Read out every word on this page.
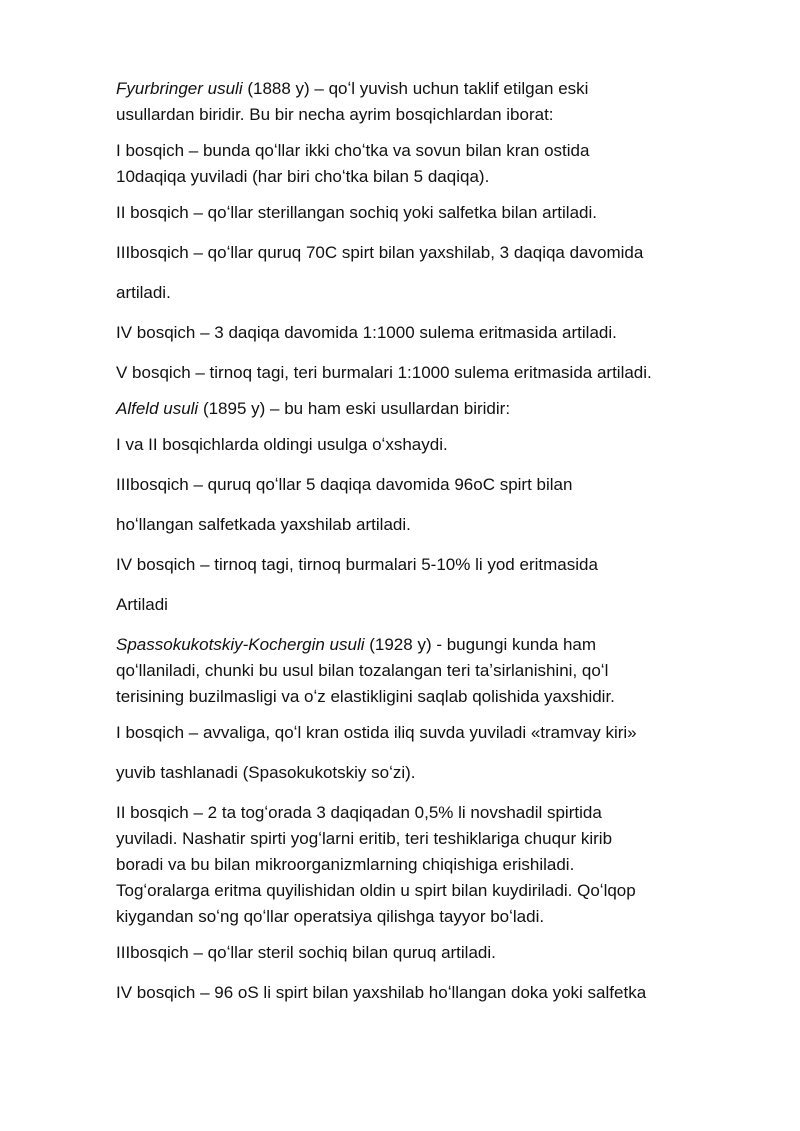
Fyurbringer usuli (1888 y) – qoʻl yuvish uchun taklif etilgan eski
usullardan biridir. Bu bir necha ayrim bosqichlardan iborat:

I bosqich – bunda qoʻllar ikki choʻtka va sovun bilan kran ostida
10daqiqa yuviladi (har biri choʻtka bilan 5 daqiqa).

II bosqich – qoʻllar sterillangan sochiq yoki salfetka bilan artiladi.

IIIbosqich – qoʻllar quruq 70C spirt bilan yaxshilab, 3 daqiqa davomida

artiladi.

IV bosqich – 3 daqiqa davomida 1:1000 sulema eritmasida artiladi.

V bosqich – tirnoq tagi, teri burmalari 1:1000 sulema eritmasida artiladi.

Alfeld usuli (1895 y) – bu ham eski usullardan biridir:

I va II bosqichlarda oldingi usulga oʻxshaydi.

IIIbosqich – quruq qoʻllar 5 daqiqa davomida 96oC spirt bilan

hoʻllangan salfetkada yaxshilab artiladi.

IV bosqich – tirnoq tagi, tirnoq burmalari 5-10% li yod eritmasida

Artiladi

Spassokukotskiy-Kochergin usuli (1928 y) - bugungi kunda ham
qoʻllaniladi, chunki bu usul bilan tozalangan teri taʼsirlanishini, qoʻl
terisining buzilmasligi va oʻz elastikligini saqlab qolishida yaxshidir.

I bosqich – avvaliga, qoʻl kran ostida iliq suvda yuviladi «tramvay kiri»

yuvib tashlanadi (Spasokukotskiy soʻzi).

II bosqich – 2 ta togʻorada 3 daqiqadan 0,5% li novshadil spirtida
yuviladi. Nashatir spirti yogʻlarni eritib, teri teshiklariga chuqur kirib
boradi va bu bilan mikroorganizmlarning chiqishiga erishiladi.
Togʻoralarga eritma quyilishidan oldin u spirt bilan kuydiriladi. Qoʻlqop
kiygandan soʻng qoʻllar operatsiya qilishga tayyor boʻladi.

IIIbosqich – qoʻllar steril sochiq bilan quruq artiladi.

IV bosqich – 96 oS li spirt bilan yaxshilab hoʻllangan doka yoki salfetka
